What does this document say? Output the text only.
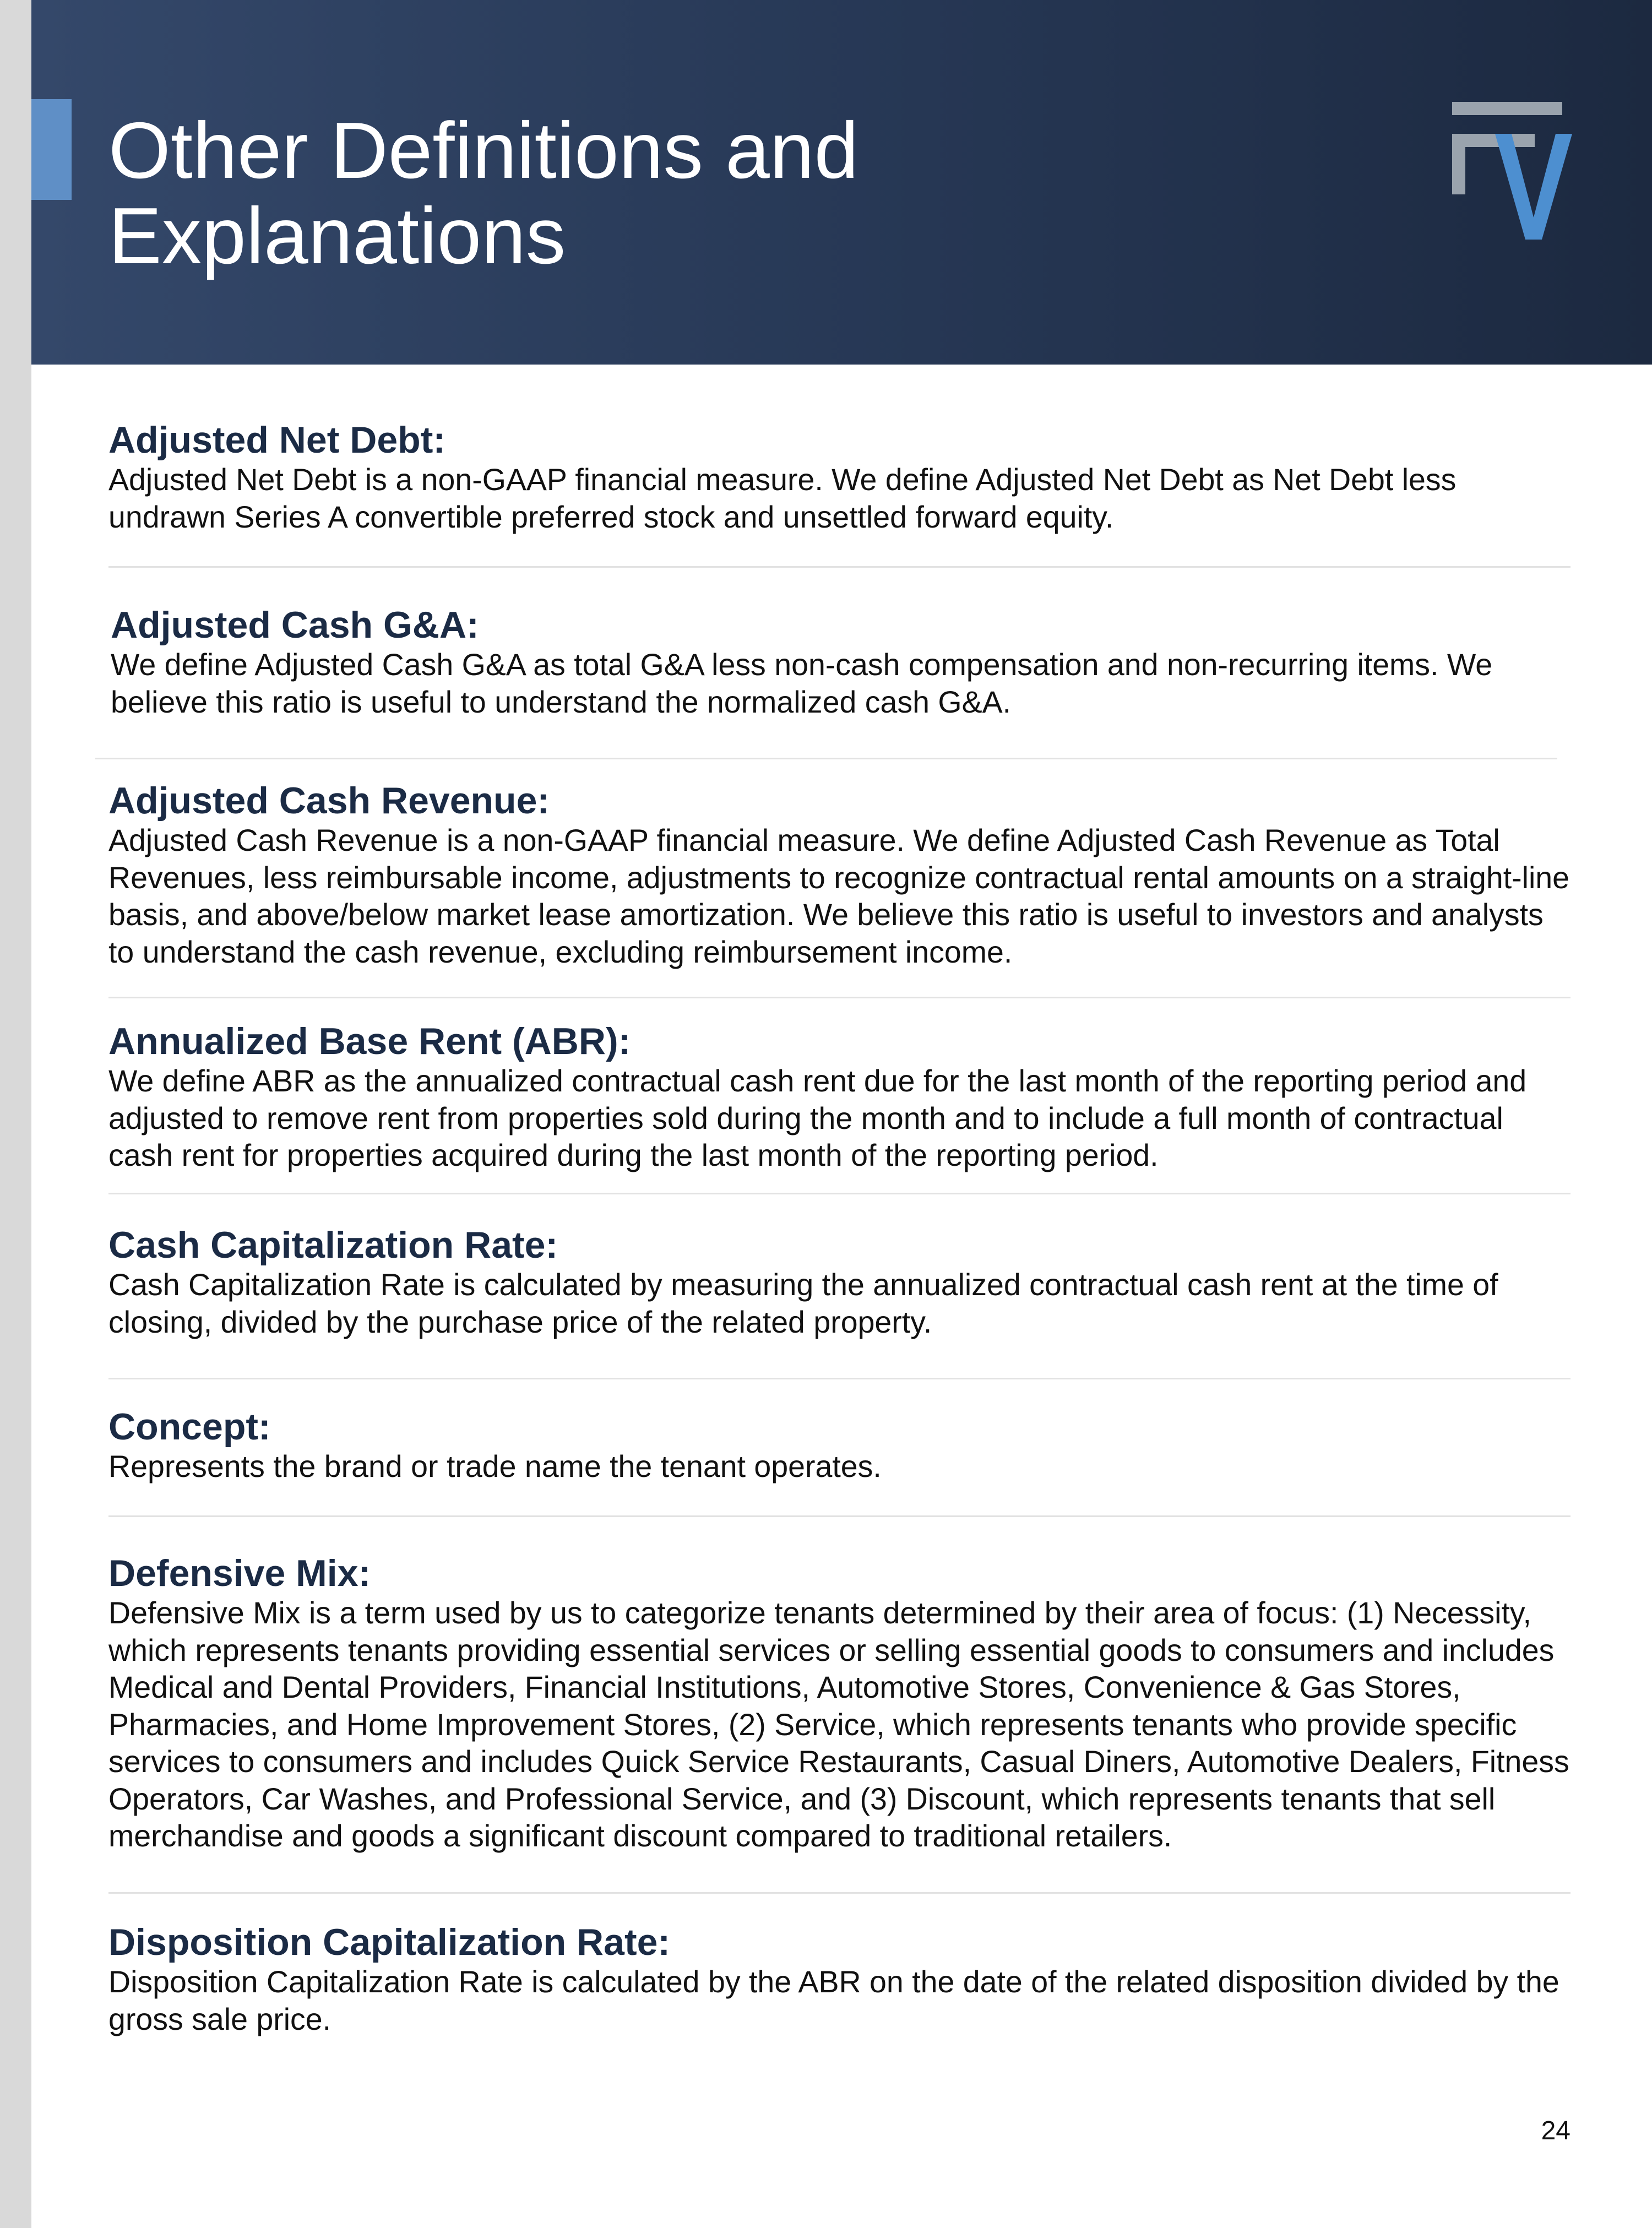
Other Definitions and
Explanations
Adjusted Net Debt:

Adjusted Net Debt is a non-GAAP financial measure. We define Adjusted Net Debt as Net Debt less undrawn Series A convertible preferred stock and unsettled forward equity.

Adjusted Cash G&A:

We define Adjusted Cash G&A as total G&A less non-cash compensation and non-recurring items. We believe this ratio is useful to understand the normalized cash G&A.

Adjusted Cash Revenue:

Adjusted Cash Revenue is a non-GAAP financial measure. We define Adjusted Cash Revenue as Total Revenues, less reimbursable income, adjustments to recognize contractual rental amounts on a straight-line basis, and above/below market lease amortization. We believe this ratio is useful to investors and analysts to understand the cash revenue, excluding reimbursement income.

Annualized Base Rent (ABR):

We define ABR as the annualized contractual cash rent due for the last month of the reporting period and adjusted to remove rent from properties sold during the month and to include a full month of contractual cash rent for properties acquired during the last month of the reporting period.

Cash Capitalization Rate:

Cash Capitalization Rate is calculated by measuring the annualized contractual cash rent at the time of closing, divided by the purchase price of the related property.

Concept:

Represents the brand or trade name the tenant operates.

Defensive Mix:

Defensive Mix is a term used by us to categorize tenants determined by their area of focus: (1) Necessity, which represents tenants providing essential services or selling essential goods to consumers and includes Medical and Dental Providers, Financial Institutions, Automotive Stores, Convenience & Gas Stores, Pharmacies, and Home Improvement Stores, (2) Service, which represents tenants who provide specific services to consumers and includes Quick Service Restaurants, Casual Diners, Automotive Dealers, Fitness Operators, Car Washes, and Professional Service, and (3) Discount, which represents tenants that sell merchandise and goods a significant discount compared to traditional retailers.

Disposition Capitalization Rate:

Disposition Capitalization Rate is calculated by the ABR on the date of the related disposition divided by the gross sale price.

24
